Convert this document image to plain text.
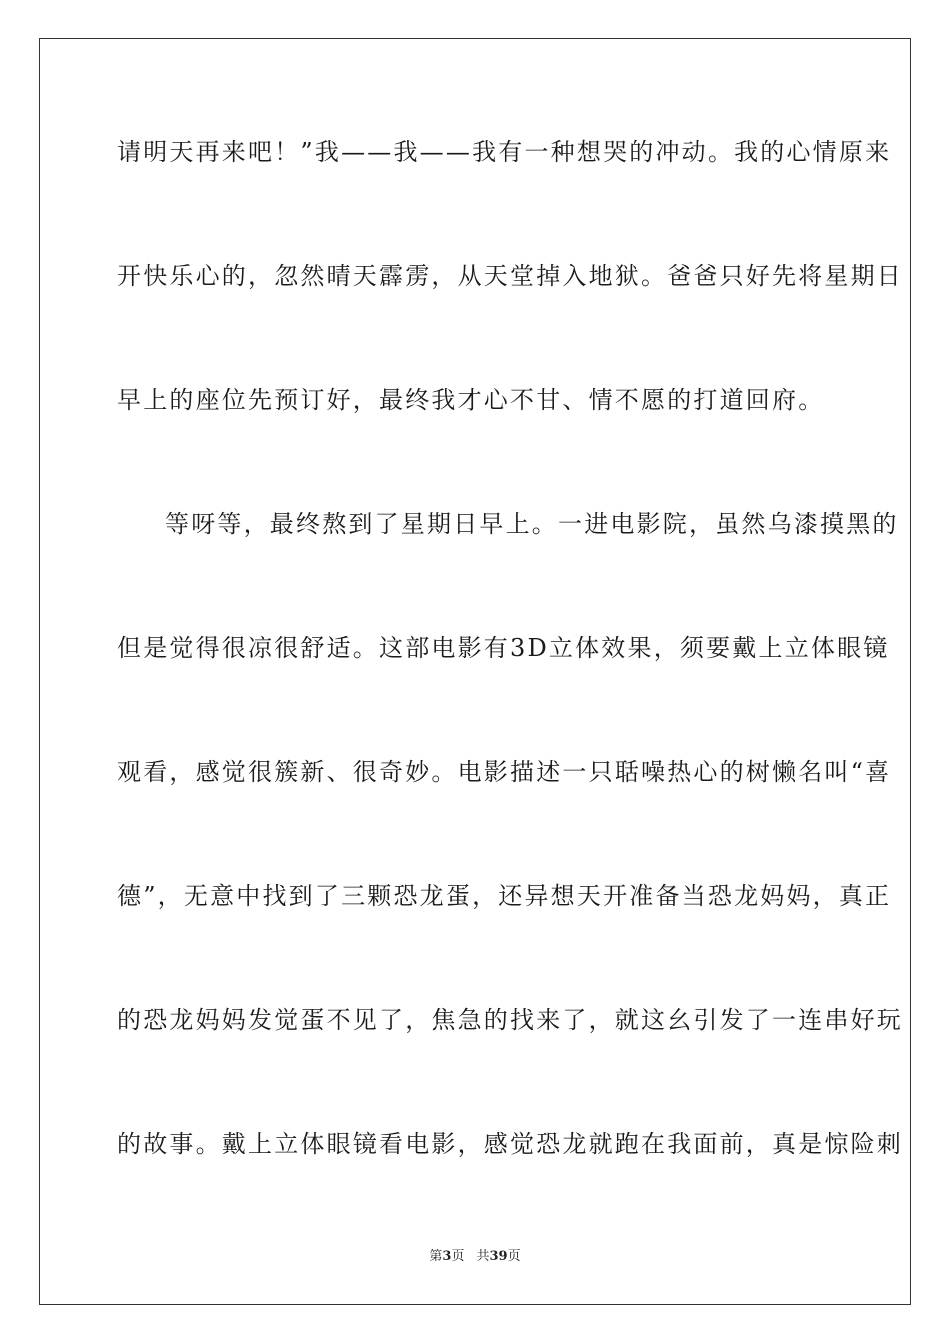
请明天再来吧！”我——我——我有一种想哭的冲动。我的心情原来
开快乐心的，忽然晴天霹雳，从天堂掉入地狱。爸爸只好先将星期日
早上的座位先预订好，最终我才心不甘、情不愿的打道回府。
等呀等，最终熬到了星期日早上。一进电影院，虽然乌漆摸黑的
但是觉得很凉很舒适。这部电影有3D立体效果，须要戴上立体眼镜
观看，感觉很簇新、很奇妙。电影描述一只聒噪热心的树懒名叫“喜
德”，无意中找到了三颗恐龙蛋，还异想天开准备当恐龙妈妈，真正
的恐龙妈妈发觉蛋不见了，焦急的找来了，就这幺引发了一连串好玩
的故事。戴上立体眼镜看电影，感觉恐龙就跑在我面前，真是惊险刺
第3页 共39页
